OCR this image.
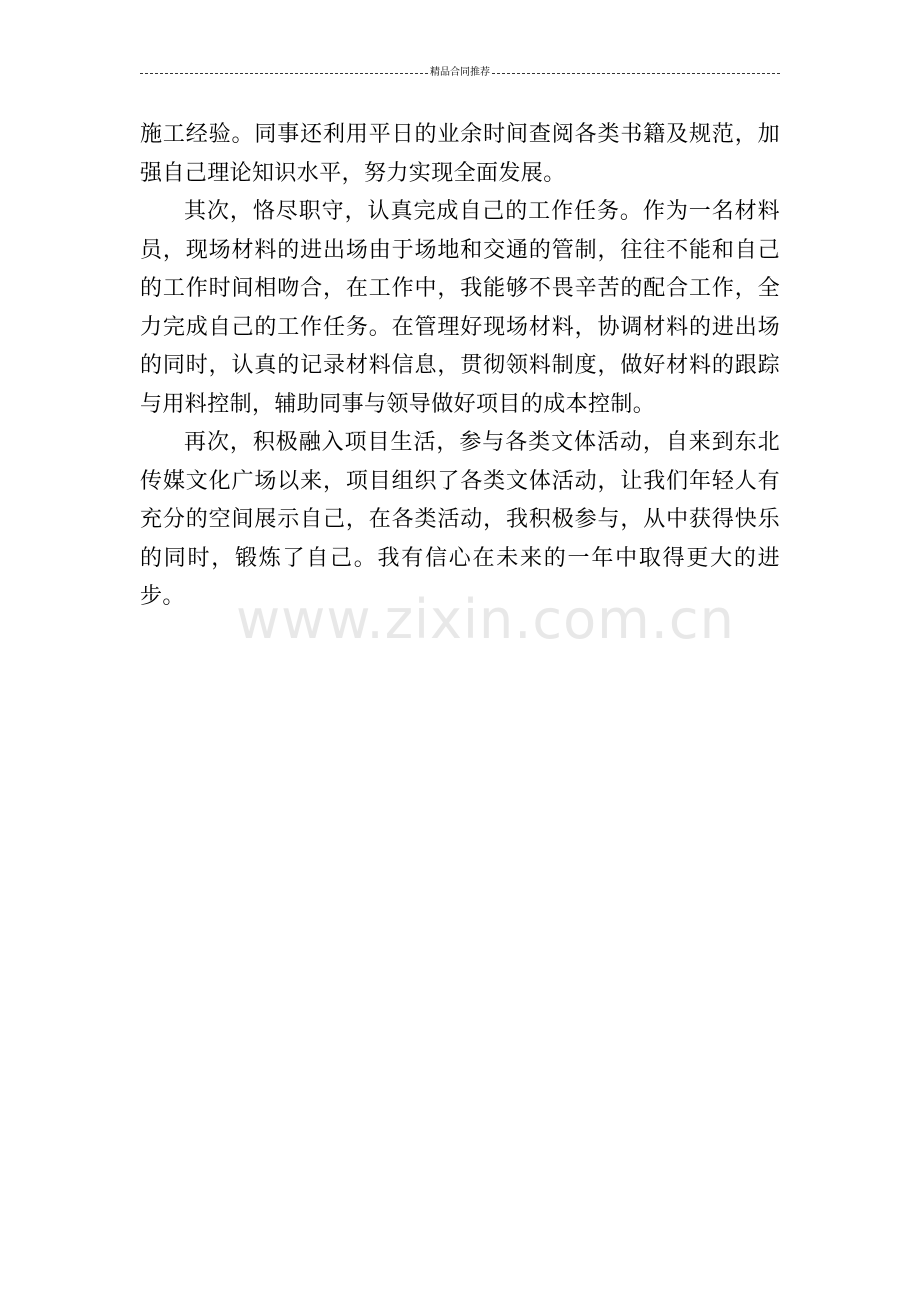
精品合同推荐

施工经验。同事还利用平日的业余时间查阅各类书籍及规范，加强自己理论知识水平，努力实现全面发展。

其次，恪尽职守，认真完成自己的工作任务。作为一名材料员，现场材料的进出场由于场地和交通的管制，往往不能和自己的工作时间相吻合，在工作中，我能够不畏辛苦的配合工作，全力完成自己的工作任务。在管理好现场材料，协调材料的进出场的同时，认真的记录材料信息，贯彻领料制度，做好材料的跟踪与用料控制，辅助同事与领导做好项目的成本控制。

再次，积极融入项目生活，参与各类文体活动，自来到东北传媒文化广场以来，项目组织了各类文体活动，让我们年轻人有充分的空间展示自己，在各类活动，我积极参与，从中获得快乐的同时，锻炼了自己。我有信心在未来的一年中取得更大的进步。 www.zixin.com.cn
